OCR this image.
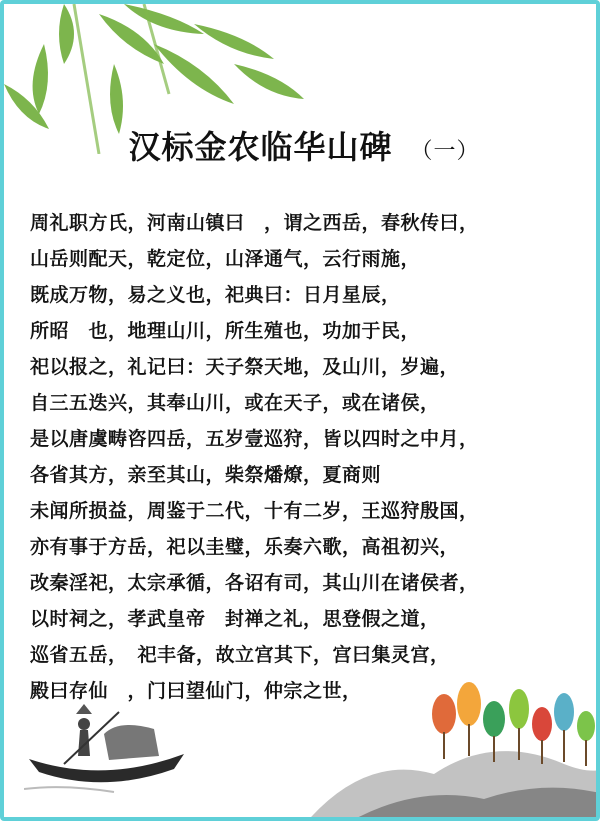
汉标金农临华山碑 （一）
周礼职方氏，河南山镇曰　，谓之西岳，春秋传曰，
山岳则配天，乾定位，山泽通气，云行雨施，
既成万物，易之义也，祀典曰：日月星辰，
所昭　也，地理山川，所生殖也，功加于民，
祀以报之，礼记曰：天子祭天地，及山川，岁遍，
自三五迭兴，其奉山川，或在天子，或在诸侯，
是以唐虞畴咨四岳，五岁壹巡狩，皆以四时之中月，
各省其方，亲至其山，柴祭燔燎，夏商则
未闻所损益，周鉴于二代，十有二岁，王巡狩殷国，
亦有事于方岳，祀以圭璧，乐奏六歌，高祖初兴，
改秦淫祀，太宗承循，各诏有司，其山川在诸侯者，
以时祠之，孝武皇帝　封禅之礼，思登假之道，
巡省五岳，　祀丰备，故立宫其下，宫曰集灵宫，
殿曰存仙　，门曰望仙门，仲宗之世，
